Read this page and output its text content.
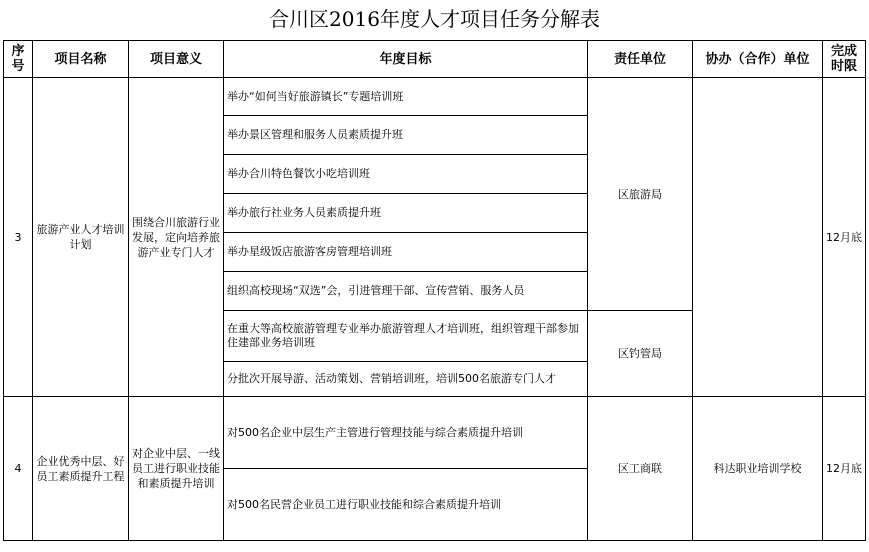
合川区2016年度人才项目任务分解表
序号	项目名称	项目意义	年度目标	责任单位	协办（合作）单位	完成时限
3	旅游产业人才培训计划	围绕合川旅游行业发展，定向培养旅游产业专门人才	举办“如何当好旅游镇长”专题培训班	区旅游局		12月底
			举办景区管理和服务人员素质提升班			
			举办合川特色餐饮小吃培训班			
			举办旅行社业务人员素质提升班			
			举办星级饭店旅游客房管理培训班			
			组织高校现场“双选”会，引进管理干部、宣传营销、服务人员			
			在重大等高校旅游管理专业举办旅游管理人才培训班，组织管理干部参加住建部业务培训班	区钓管局		
			分批次开展导游、活动策划、营销培训班，培训500名旅游专门人才			
4	企业优秀中层、好员工素质提升工程	对企业中层、一线员工进行职业技能和素质提升培训	对500名企业中层生产主管进行管理技能与综合素质提升培训	区工商联	科达职业培训学校	12月底
			对500名民营企业员工进行职业技能和综合素质提升培训			
